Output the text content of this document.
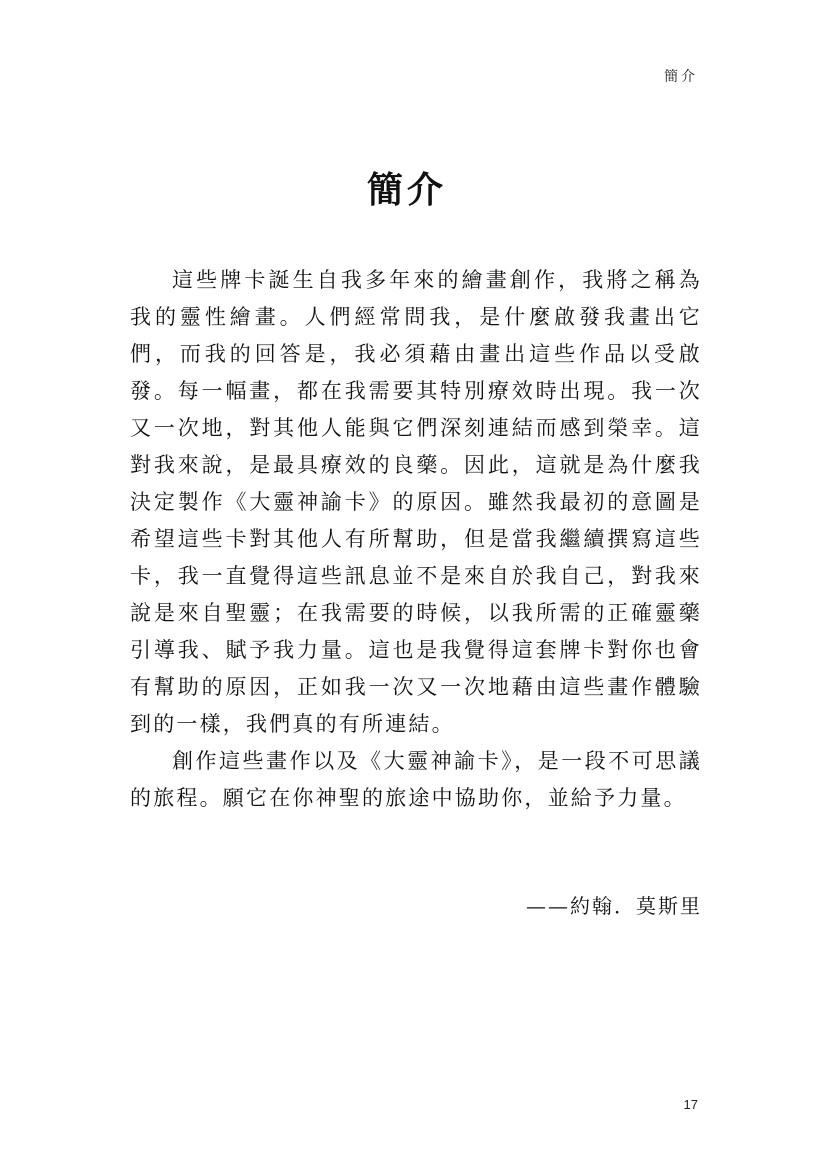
簡介
簡介

這些牌卡誕生自我多年來的繪畫創作，我將之稱為我的靈性繪畫。人們經常問我，是什麼啟發我畫出它們，而我的回答是，我必須藉由畫出這些作品以受啟發。每一幅畫，都在我需要其特別療效時出現。我一次又一次地，對其他人能與它們深刻連結而感到榮幸。這對我來說，是最具療效的良藥。因此，這就是為什麼我決定製作《大靈神諭卡》的原因。雖然我最初的意圖是希望這些卡對其他人有所幫助，但是當我繼續撰寫這些卡，我一直覺得這些訊息並不是來自於我自己，對我來說是來自聖靈；在我需要的時候，以我所需的正確靈藥引導我、賦予我力量。這也是我覺得這套牌卡對你也會有幫助的原因，正如我一次又一次地藉由這些畫作體驗到的一樣，我們真的有所連結。

創作這些畫作以及《大靈神諭卡》，是一段不可思議的旅程。願它在你神聖的旅途中協助你，並給予力量。

——約翰．莫斯里
17
